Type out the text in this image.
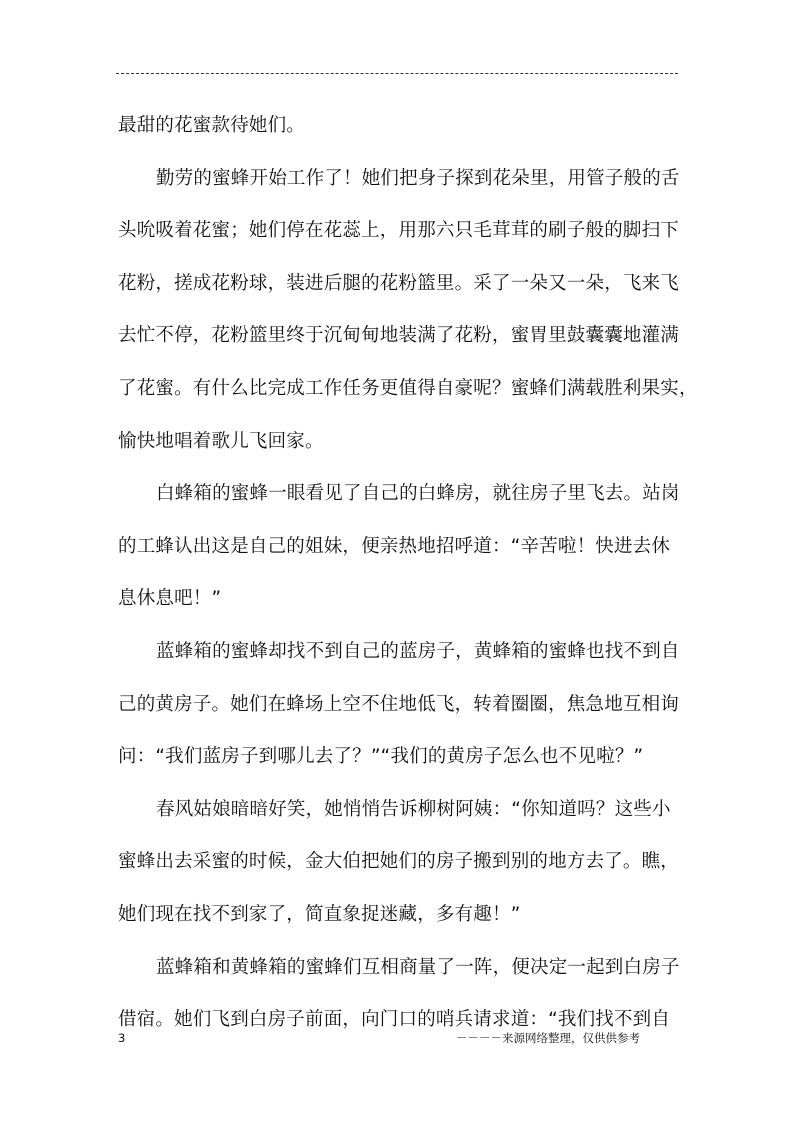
最甜的花蜜款待她们。
勤劳的蜜蜂开始工作了！她们把身子探到花朵里，用管子般的舌
头吮吸着花蜜；她们停在花蕊上，用那六只毛茸茸的刷子般的脚扫下
花粉，搓成花粉球，装进后腿的花粉篮里。采了一朵又一朵，飞来飞
去忙不停，花粉篮里终于沉甸甸地装满了花粉，蜜胃里鼓囊囊地灌满
了花蜜。有什么比完成工作任务更值得自豪呢？蜜蜂们满载胜利果实，
愉快地唱着歌儿飞回家。
白蜂箱的蜜蜂一眼看见了自己的白蜂房，就往房子里飞去。站岗
的工蜂认出这是自己的姐妹，便亲热地招呼道：“辛苦啦！快进去休
息休息吧！”
蓝蜂箱的蜜蜂却找不到自己的蓝房子，黄蜂箱的蜜蜂也找不到自
己的黄房子。她们在蜂场上空不住地低飞，转着圈圈，焦急地互相询
问：“我们蓝房子到哪儿去了？”“我们的黄房子怎么也不见啦？”
春风姑娘暗暗好笑，她悄悄告诉柳树阿姨：“你知道吗？这些小
蜜蜂出去采蜜的时候，金大伯把她们的房子搬到别的地方去了。瞧，
她们现在找不到家了，简直象捉迷藏，多有趣！”
蓝蜂箱和黄蜂箱的蜜蜂们互相商量了一阵，便决定一起到白房子
借宿。她们飞到白房子前面，向门口的哨兵请求道：“我们找不到自
3	－－－－来源网络整理，仅供供参考
